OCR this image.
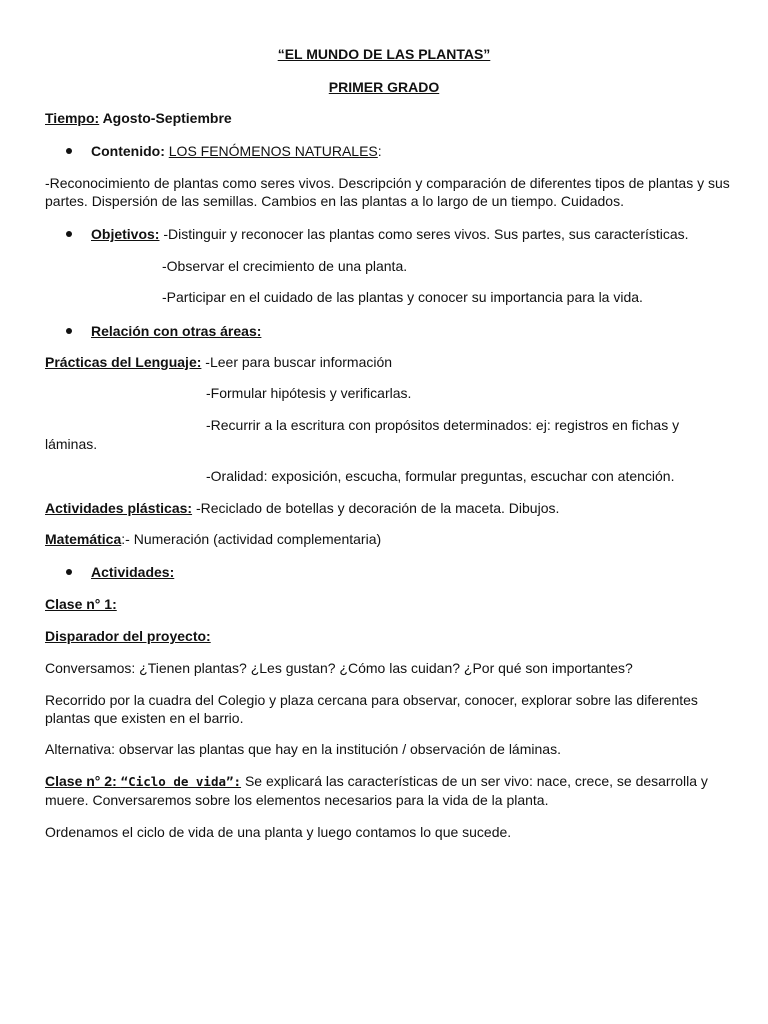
“EL MUNDO DE LAS PLANTAS”
PRIMER GRADO
Tiempo: Agosto-Septiembre
Contenido: LOS FENÓMENOS NATURALES:
-Reconocimiento de plantas como seres vivos. Descripción y comparación de diferentes tipos de plantas y sus
partes. Dispersión de las semillas. Cambios en las plantas a lo largo de un tiempo. Cuidados.
Objetivos: -Distinguir y reconocer las plantas como seres vivos. Sus partes, sus características.
-Observar el crecimiento de una planta.
-Participar en el cuidado de las plantas y conocer su importancia para la vida.
Relación con otras áreas:
Prácticas del Lenguaje: -Leer para buscar información
-Formular hipótesis y verificarlas.
-Recurrir a la escritura con propósitos determinados: ej: registros en fichas y
láminas.
-Oralidad: exposición, escucha, formular preguntas, escuchar con atención.
Actividades plásticas: -Reciclado de botellas y decoración de la maceta. Dibujos.
Matemática:- Numeración (actividad complementaria)
Actividades:
Clase n° 1:
Disparador del proyecto:
Conversamos: ¿Tienen plantas? ¿Les gustan? ¿Cómo las cuidan? ¿Por qué son importantes?
Recorrido por la cuadra del Colegio y plaza cercana para observar, conocer, explorar sobre las diferentes
plantas que existen en el barrio.
Alternativa: observar las plantas que hay en la institución / observación de láminas.
Clase n° 2: “Ciclo de vida”: Se explicará las características de un ser vivo: nace, crece, se desarrolla y
muere. Conversaremos sobre los elementos necesarios para la vida de la planta.
Ordenamos el ciclo de vida de una planta y luego contamos lo que sucede.
